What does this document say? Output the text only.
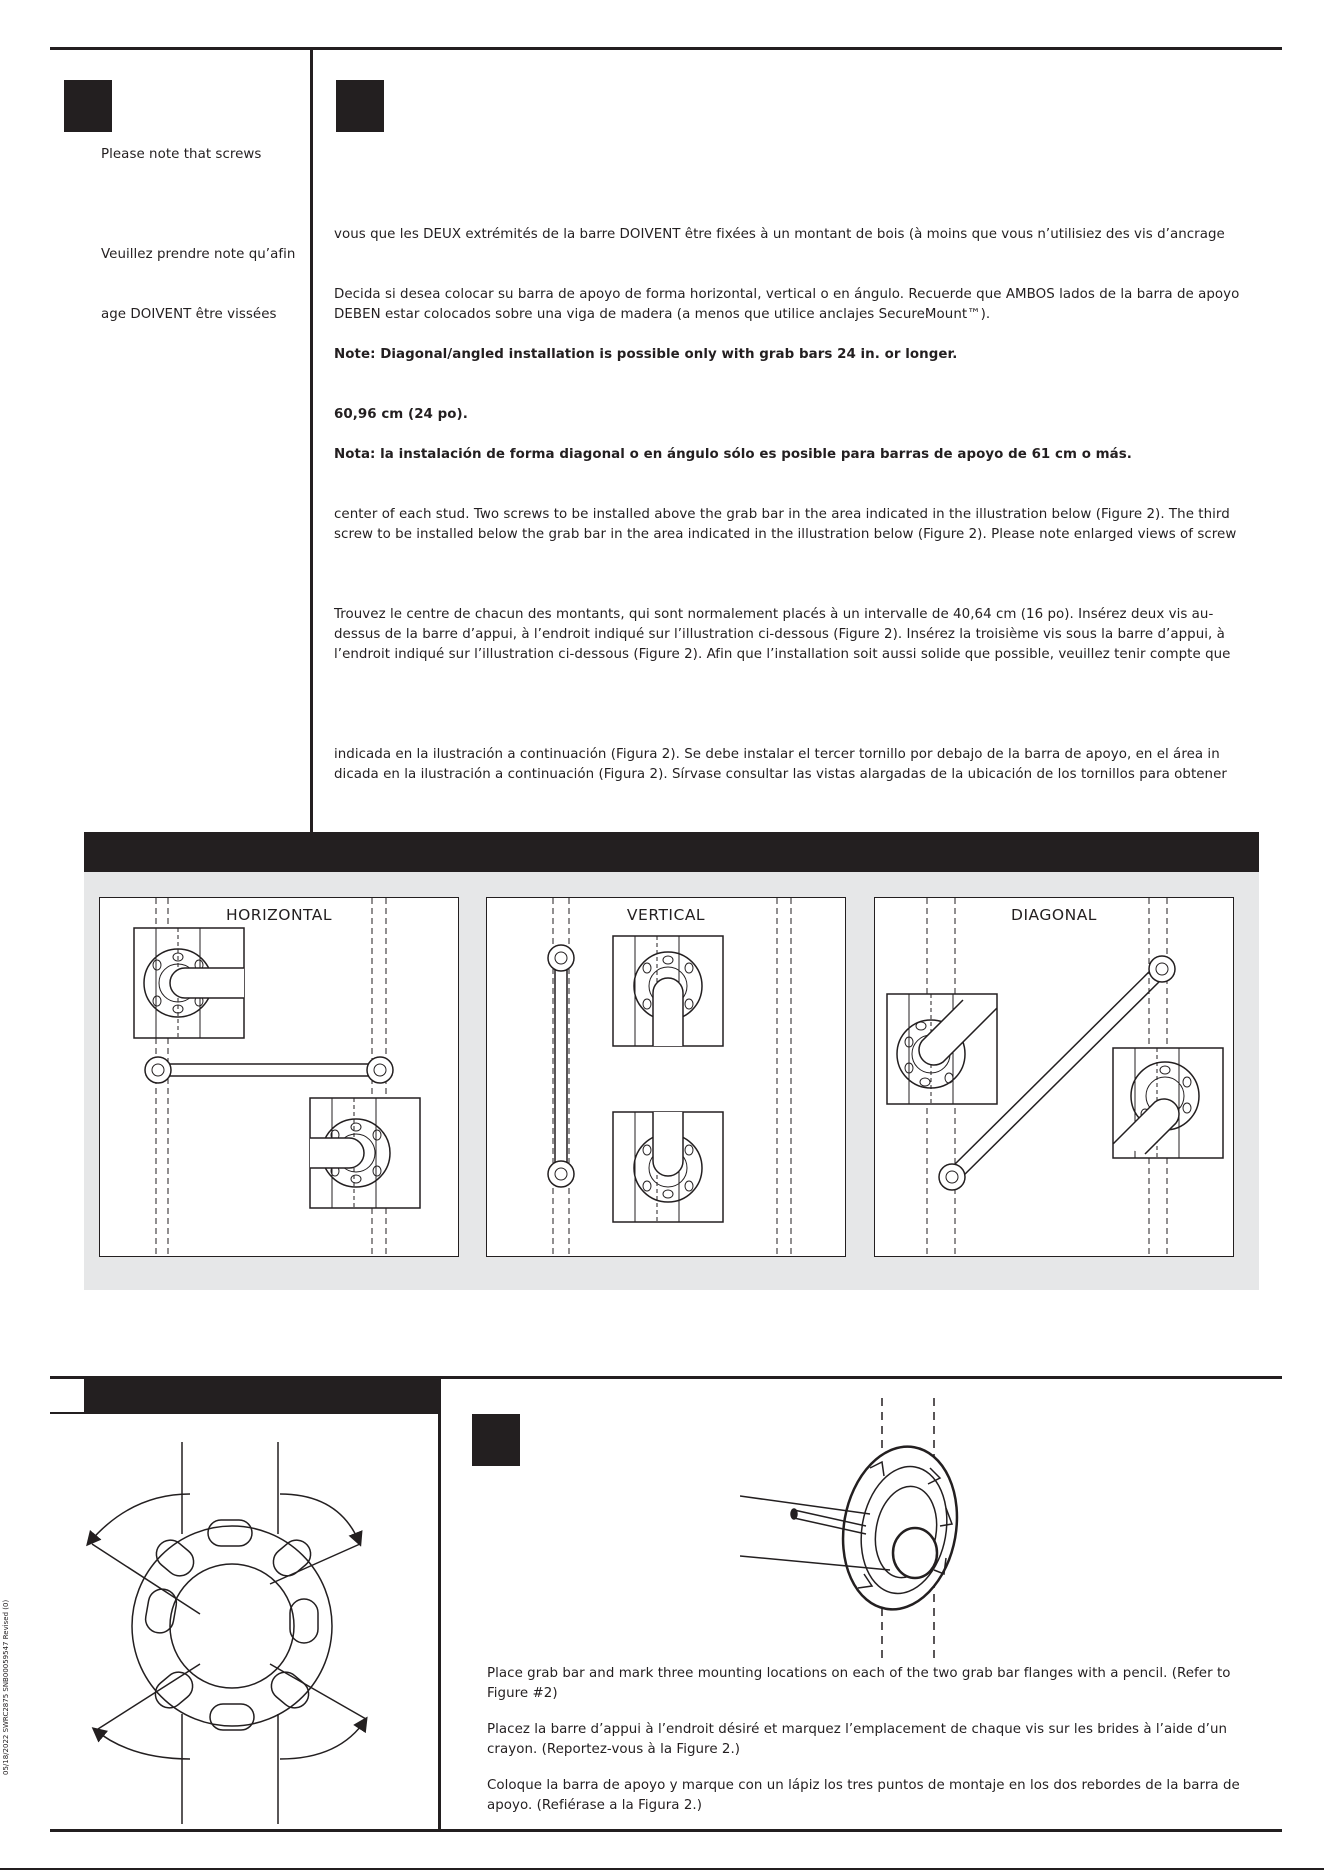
Please note that screws
Veuillez prendre note qu’afin
age DOIVENT être vissées
vous que les DEUX extrémités de la barre DOIVENT être fixées à un montant de bois (à moins que vous n’utilisiez des vis d’ancrage
Decida si desea colocar su barra de apoyo de forma horizontal, vertical o en ángulo. Recuerde que AMBOS lados de la barra de apoyo
DEBEN estar colocados sobre una viga de madera (a menos que utilice anclajes SecureMount™).
Note: Diagonal/angled installation is possible only with grab bars 24 in. or longer.
60,96 cm (24 po).
Nota: la instalación de forma diagonal o en ángulo sólo es posible para barras de apoyo de 61 cm o más.
center of each stud. Two screws to be installed above the grab bar in the area indicated in the illustration below (Figure 2). The third
screw to be installed below the grab bar in the area indicated in the illustration below (Figure 2). Please note enlarged views of screw
Trouvez le centre de chacun des montants, qui sont normalement placés à un intervalle de 40,64 cm (16 po). Insérez deux vis au-
dessus de la barre d’appui, à l’endroit indiqué sur l’illustration ci-dessous (Figure 2). Insérez la troisième vis sous la barre d’appui, à
l’endroit indiqué sur l’illustration ci-dessous (Figure 2). Afin que l’installation soit aussi solide que possible, veuillez tenir compte que
indicada en la ilustración a continuación (Figura 2). Se debe instalar el tercer tornillo por debajo de la barra de apoyo, en el área in
dicada en la ilustración a continuación (Figura 2). Sírvase consultar las vistas alargadas de la ubicación de los tornillos para obtener
HORIZONTAL	VERTICAL	DIAGONAL
Place grab bar and mark three mounting locations on each of the two grab bar flanges with a pencil. (Refer to Figure #2)
Placez la barre d’appui à l’endroit désiré et marquez l’emplacement de chaque vis sur les brides à l’aide d’un crayon. (Reportez-vous à la Figure 2.)
Coloque la barra de apoyo y marque con un lápiz los tres puntos de montaje en los dos rebordes de la barra de apoyo. (Refiérase a la Figura 2.)
05/18/2022 SWRC2875 SNB00059547 Revised (0)
